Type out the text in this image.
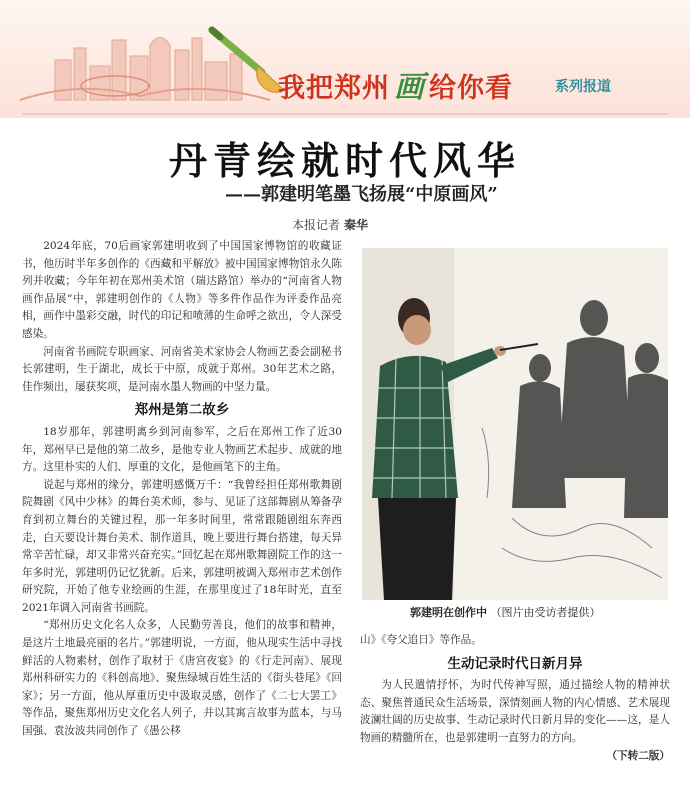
我把郑州 画 给你看	系列报道
丹青绘就时代风华
——郭建明笔墨飞扬展“中原画风”
本报记者 秦华

2024年底，70后画家郭建明收到了中国国家博物馆的收藏证书，他历时半年多创作的《西藏和平解放》被中国国家博物馆永久陈列并收藏；今年年初在郑州美术馆（瑞达路馆）举办的“河南省人物画作品展”中，郭建明创作的《人物》等多件作品作为评委作品亮相，画作中墨彩交融，时代的印记和喷薄的生命呼之欲出，令人深受感染。

河南省书画院专职画家、河南省美术家协会人物画艺委会副秘书长郭建明，生于湖北，成长于中原，成就于郑州。30年艺术之路，佳作频出，屡获奖项，是河南水墨人物画的中坚力量。

郑州是第二故乡

18岁那年，郭建明离乡到河南参军，之后在郑州工作了近30年，郑州早已是他的第二故乡，是他专业人物画艺术起步、成就的地方。这里朴实的人们、厚重的文化，是他画笔下的主角。

说起与郑州的缘分，郭建明感慨万千：“我曾经担任郑州歌舞剧院舞剧《风中少林》的舞台美术师，参与、见证了这部舞剧从筹备孕育到初立舞台的关键过程，那一年多时间里，常常跟随剧组东奔西走，白天要设计舞台美术、制作道具，晚上要进行舞台搭建，每天异常辛苦忙碌，却又非常兴奋充实。”回忆起在郑州歌舞剧院工作的这一年多时光，郭建明仍记忆犹新。后来，郭建明被调入郑州市艺术创作研究院，开始了他专业绘画的生涯，在那里度过了18年时光，直至2021年调入河南省书画院。

“郑州历史文化名人众多，人民勤劳善良，他们的故事和精神，是这片土地最亮丽的名片。”郭建明说，一方面，他从现实生活中寻找鲜活的人物素材，创作了取材于《唐宫夜宴》的《行走河南》、展现郑州科研实力的《科创高地》、聚焦绿城百姓生活的《街头巷尾》《回家》；另一方面，他从厚重历史中汲取灵感，创作了《二七大罢工》等作品，聚焦郑州历史文化名人列子，并以其寓言故事为蓝本，与马国强、袁汝波共同创作了《愚公移

郭建明在创作中 （图片由受访者提供）

山》《夸父追日》等作品。

生动记录时代日新月异

为人民遣情抒怀，为时代传神写照，通过描绘人物的精神状态、聚焦普通民众生活场景，深情刻画人物的内心情感、艺术展现波澜壮阔的历史故事、生动记录时代日新月异的变化——这，是人物画的精髓所在，也是郭建明一直努力的方向。

（下转二版）
